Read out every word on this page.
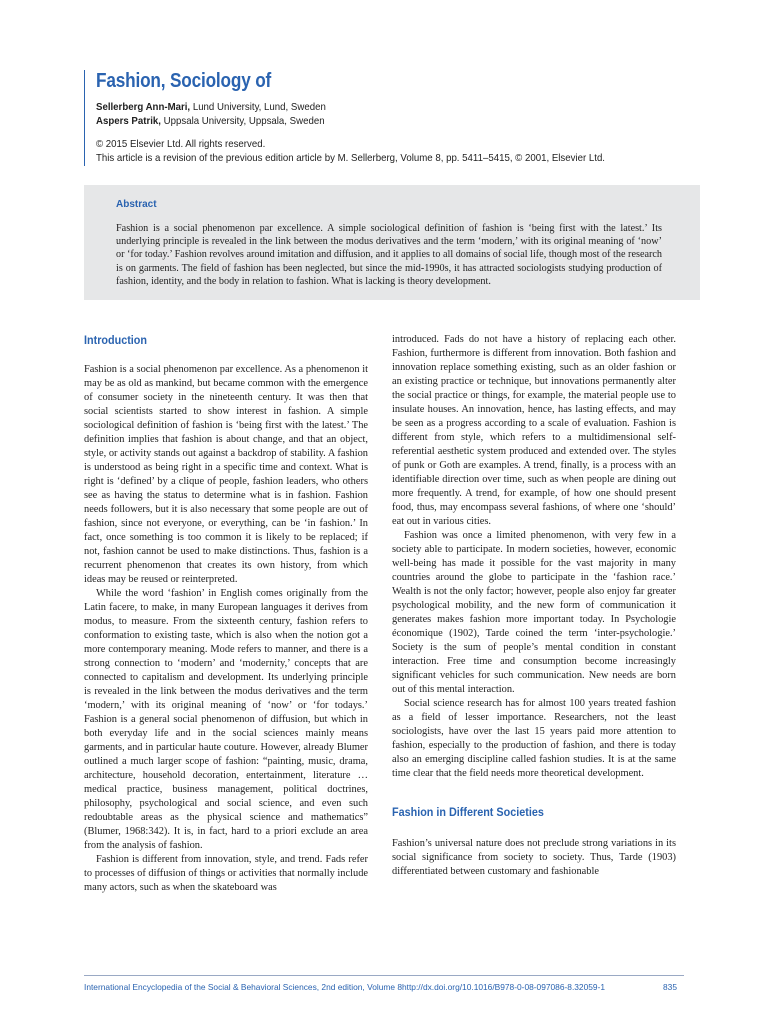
Fashion, Sociology of
Sellerberg Ann-Mari, Lund University, Lund, Sweden
Aspers Patrik, Uppsala University, Uppsala, Sweden
© 2015 Elsevier Ltd. All rights reserved.
This article is a revision of the previous edition article by M. Sellerberg, Volume 8, pp. 5411–5415, © 2001, Elsevier Ltd.
Abstract
Fashion is a social phenomenon par excellence. A simple sociological definition of fashion is ‘being first with the latest.’ Its underlying principle is revealed in the link between the modus derivatives and the term ‘modern,’ with its original meaning of ‘now’ or ‘for today.’ Fashion revolves around imitation and diffusion, and it applies to all domains of social life, though most of the research is on garments. The field of fashion has been neglected, but since the mid-1990s, it has attracted sociologists studying production of fashion, identity, and the body in relation to fashion. What is lacking is theory development.
Introduction

Fashion is a social phenomenon par excellence. As a phenomenon it may be as old as mankind, but became common with the emergence of consumer society in the nineteenth century. It was then that social scientists started to show interest in fashion. A simple sociological definition of fashion is ‘being first with the latest.’ The definition implies that fashion is about change, and that an object, style, or activity stands out against a backdrop of stability. A fashion is understood as being right in a specific time and context. What is right is ‘defined’ by a clique of people, fashion leaders, who others see as having the status to determine what is in fashion. Fashion needs followers, but it is also necessary that some people are out of fashion, since not everyone, or everything, can be ‘in fashion.’ In fact, once something is too common it is likely to be replaced; if not, fashion cannot be used to make distinctions. Thus, fashion is a recurrent phenomenon that creates its own history, from which ideas may be reused or reinterpreted.

While the word ‘fashion’ in English comes originally from the Latin facere, to make, in many European languages it derives from modus, to measure. From the sixteenth century, fashion refers to conformation to existing taste, which is also when the notion got a more contemporary meaning. Mode refers to manner, and there is a strong connection to ‘modern’ and ‘modernity,’ concepts that are connected to capitalism and development. Its underlying principle is revealed in the link between the modus derivatives and the term ‘modern,’ with its original meaning of ‘now’ or ‘for todays.’ Fashion is a general social phenomenon of diffusion, but which in both everyday life and in the social sciences mainly means garments, and in particular haute couture. However, already Blumer outlined a much larger scope of fashion: “painting, music, drama, architecture, household decoration, entertainment, literature … medical practice, business management, political doctrines, philosophy, psychological and social science, and even such redoubtable areas as the physical science and mathematics” (Blumer, 1968:342). It is, in fact, hard to a priori exclude an area from the analysis of fashion.

Fashion is different from innovation, style, and trend. Fads refer to processes of diffusion of things or activities that normally include many actors, such as when the skateboard was

introduced. Fads do not have a history of replacing each other. Fashion, furthermore is different from innovation. Both fashion and innovation replace something existing, such as an older fashion or an existing practice or technique, but innovations permanently alter the social practice or things, for example, the material people use to insulate houses. An innovation, hence, has lasting effects, and may be seen as a progress according to a scale of evaluation. Fashion is different from style, which refers to a multidimensional self-referential aesthetic system produced and extended over. The styles of punk or Goth are examples. A trend, finally, is a process with an identifiable direction over time, such as when people are dining out more frequently. A trend, for example, of how one should present food, thus, may encompass several fashions, of where one ‘should’ eat out in various cities.

Fashion was once a limited phenomenon, with very few in a society able to participate. In modern societies, however, economic well-being has made it possible for the vast majority in many countries around the globe to participate in the ‘fashion race.’ Wealth is not the only factor; however, people also enjoy far greater psychological mobility, and the new form of communication it generates makes fashion more important today. In Psychologie économique (1902), Tarde coined the term ‘inter-psychologie.’ Society is the sum of people’s mental condition in constant interaction. Free time and consumption become increasingly significant vehicles for such communication. New needs are born out of this mental interaction.

Social science research has for almost 100 years treated fashion as a field of lesser importance. Researchers, not the least sociologists, have over the last 15 years paid more attention to fashion, especially to the production of fashion, and there is today also an emerging discipline called fashion studies. It is at the same time clear that the field needs more theoretical development.

Fashion in Different Societies

Fashion’s universal nature does not preclude strong variations in its social significance from society to society. Thus, Tarde (1903) differentiated between customary and fashionable

International Encyclopedia of the Social & Behavioral Sciences, 2nd edition, Volume 8 http://dx.doi.org/10.1016/B978-0-08-097086-8.32059-1	835
